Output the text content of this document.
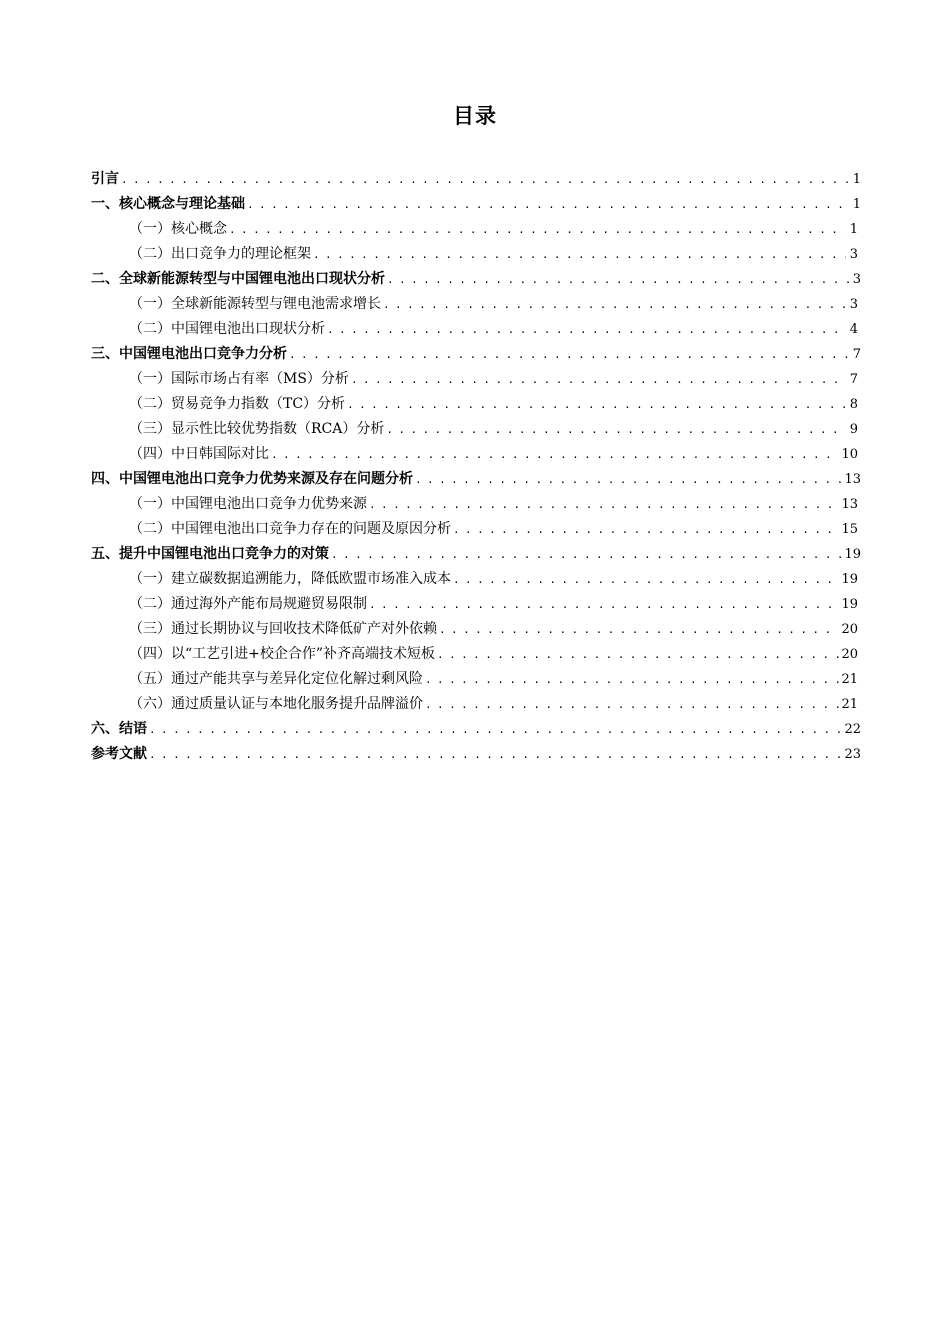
目录
引言 . . .	1
一、核心概念与理论基础 . . .	1
（一）核心概念 . . .	1
（二）出口竞争力的理论框架 . . .	3
二、全球新能源转型与中国锂电池出口现状分析 . . .	3
（一）全球新能源转型与锂电池需求增长 . . .	3
（二）中国锂电池出口现状分析 . . .	4
三、中国锂电池出口竞争力分析 . . .	7
（一）国际市场占有率（MS）分析 . . .	7
（二）贸易竞争力指数（TC）分析 . . .	8
（三）显示性比较优势指数（RCA）分析 . . .	9
（四）中日韩国际对比 . . .	10
四、中国锂电池出口竞争力优势来源及存在问题分析 . . .	13
（一）中国锂电池出口竞争力优势来源 . . .	13
（二）中国锂电池出口竞争力存在的问题及原因分析 . . .	15
五、提升中国锂电池出口竞争力的对策 . . .	19
（一）建立碳数据追溯能力，降低欧盟市场准入成本 . . .	19
（二）通过海外产能布局规避贸易限制 . . .	19
（三）通过长期协议与回收技术降低矿产对外依赖 . . .	20
（四）以“工艺引进+校企合作”补齐高端技术短板 . . .	20
（五）通过产能共享与差异化定位化解过剩风险 . . .	21
（六）通过质量认证与本地化服务提升品牌溢价 . . .	21
六、结语 . . .	22
参考文献 . . .	23
